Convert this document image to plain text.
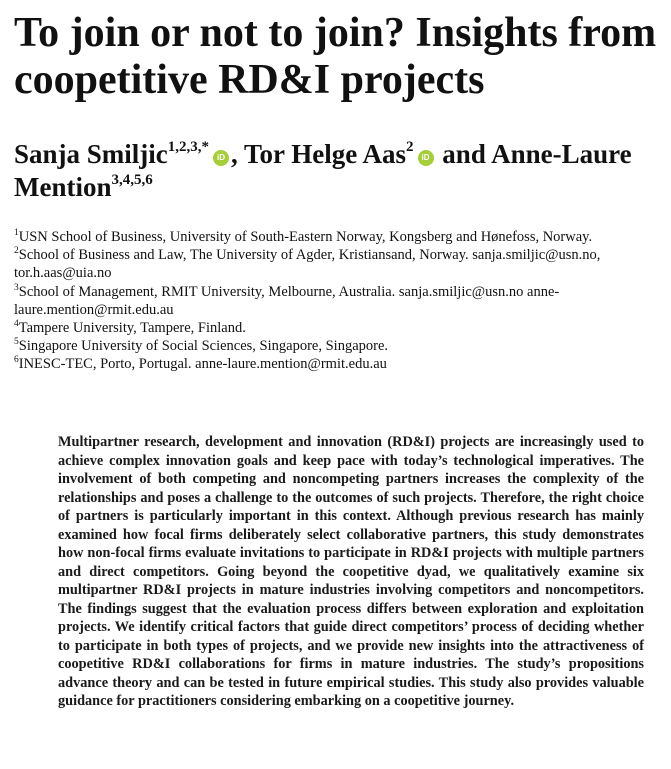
To join or not to join? Insights from coopetitive RD&I projects
Sanja Smiljic$^{1,2,3,*}$iD , Tor Helge Aas$^2$iD and Anne-Laure Mention$^{3,4,5,6}$
$^1$USN School of Business, University of South-Eastern Norway, Kongsberg and Hønefoss, Norway.
$^2$School of Business and Law, The University of Agder, Kristiansand, Norway. sanja.smiljic@usn.no, tor.h.aas@uia.no
$^3$School of Management, RMIT University, Melbourne, Australia. sanja.smiljic@usn.no anne-laure.mention@rmit.edu.au
$^4$Tampere University, Tampere, Finland.
$^5$Singapore University of Social Sciences, Singapore, Singapore.
$^6$INESC-TEC, Porto, Portugal. anne-laure.mention@rmit.edu.au

Multipartner research, development and innovation (RD&I) projects are increasingly used to achieve complex innovation goals and keep pace with today’s technological imperatives. The involvement of both competing and noncompeting partners increases the complexity of the relationships and poses a challenge to the outcomes of such projects. Therefore, the right choice of partners is particularly important in this context. Although previous research has mainly examined how focal firms deliberately select collaborative partners, this study demonstrates how non-focal firms evaluate invitations to participate in RD&I projects with multiple partners and direct competitors. Going beyond the coopetitive dyad, we qualitatively examine six multipartner RD&I projects in mature industries involving competitors and noncompetitors. The findings suggest that the evaluation process differs between exploration and exploitation projects. We identify critical factors that guide direct competitors’ process of deciding whether to participate in both types of projects, and we provide new insights into the attractiveness of coopetitive RD&I collaborations for firms in mature industries. The study’s propositions advance theory and can be tested in future empirical studies. This study also provides valuable guidance for practitioners considering embarking on a coopetitive journey.
